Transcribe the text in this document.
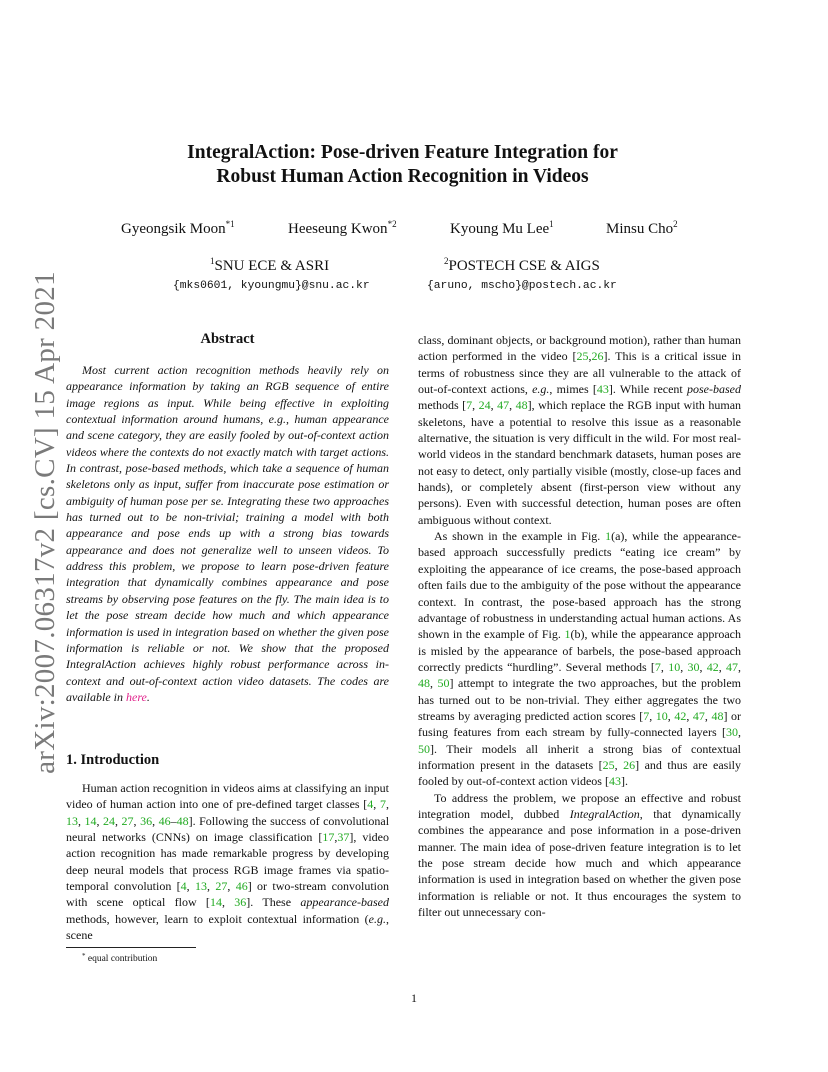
arXiv:2007.06317v2 [cs.CV] 15 Apr 2021
IntegralAction: Pose-driven Feature Integration for
Robust Human Action Recognition in Videos
Gyeongsik Moon$^{*1}$	Heeseung Kwon$^{*2}$	Kyoung Mu Lee$^1$	Minsu Cho$^2$
$^1$SNU ECE & ASRI	$^2$POSTECH CSE & AIGS
{mks0601, kyoungmu}@snu.ac.kr	{aruno, mscho}@postech.ac.kr
Abstract

Most current action recognition methods heavily rely on appearance information by taking an RGB sequence of entire image regions as input. While being effective in exploiting contextual information around humans, e.g., human appearance and scene category, they are easily fooled by out-of-context action videos where the contexts do not exactly match with target actions. In contrast, pose-based methods, which take a sequence of human skeletons only as input, suffer from inaccurate pose estimation or ambiguity of human pose per se. Integrating these two approaches has turned out to be non-trivial; training a model with both appearance and pose ends up with a strong bias towards appearance and does not generalize well to unseen videos. To address this problem, we propose to learn pose-driven feature integration that dynamically combines appearance and pose streams by observing pose features on the fly. The main idea is to let the pose stream decide how much and which appearance information is used in integration based on whether the given pose information is reliable or not. We show that the proposed IntegralAction achieves highly robust performance across in-context and out-of-context action video datasets. The codes are available in here.

1. Introduction

Human action recognition in videos aims at classifying an input video of human action into one of pre-defined target classes [4, 7, 13, 14, 24, 27, 36, 46–48]. Following the success of convolutional neural networks (CNNs) on image classification [17,37], video action recognition has made remarkable progress by developing deep neural models that process RGB image frames via spatio-temporal convolution [4, 13, 27, 46] or two-stream convolution with scene optical flow [14, 36]. These appearance-based methods, however, learn to exploit contextual information (e.g., scene

class, dominant objects, or background motion), rather than human action performed in the video [25,26]. This is a critical issue in terms of robustness since they are all vulnerable to the attack of out-of-context actions, e.g., mimes [43]. While recent pose-based methods [7, 24, 47, 48], which replace the RGB input with human skeletons, have a potential to resolve this issue as a reasonable alternative, the situation is very difficult in the wild. For most real-world videos in the standard benchmark datasets, human poses are not easy to detect, only partially visible (mostly, close-up faces and hands), or completely absent (first-person view without any persons). Even with successful detection, human poses are often ambiguous without context.

As shown in the example in Fig. 1(a), while the appearance-based approach successfully predicts “eating ice cream” by exploiting the appearance of ice creams, the pose-based approach often fails due to the ambiguity of the pose without the appearance context. In contrast, the pose-based approach has the strong advantage of robustness in understanding actual human actions. As shown in the example of Fig. 1(b), while the appearance approach is misled by the appearance of barbels, the pose-based approach correctly predicts “hurdling”. Several methods [7, 10, 30, 42, 47, 48, 50] attempt to integrate the two approaches, but the problem has turned out to be non-trivial. They either aggregates the two streams by averaging predicted action scores [7, 10, 42, 47, 48] or fusing features from each stream by fully-connected layers [30, 50]. Their models all inherit a strong bias of contextual information present in the datasets [25, 26] and thus are easily fooled by out-of-context action videos [43].

To address the problem, we propose an effective and robust integration model, dubbed IntegralAction, that dynamically combines the appearance and pose information in a pose-driven manner. The main idea of pose-driven feature integration is to let the pose stream decide how much and which appearance information is used in integration based on whether the given pose information is reliable or not. It thus encourages the system to filter out unnecessary con-

* equal contribution
1
